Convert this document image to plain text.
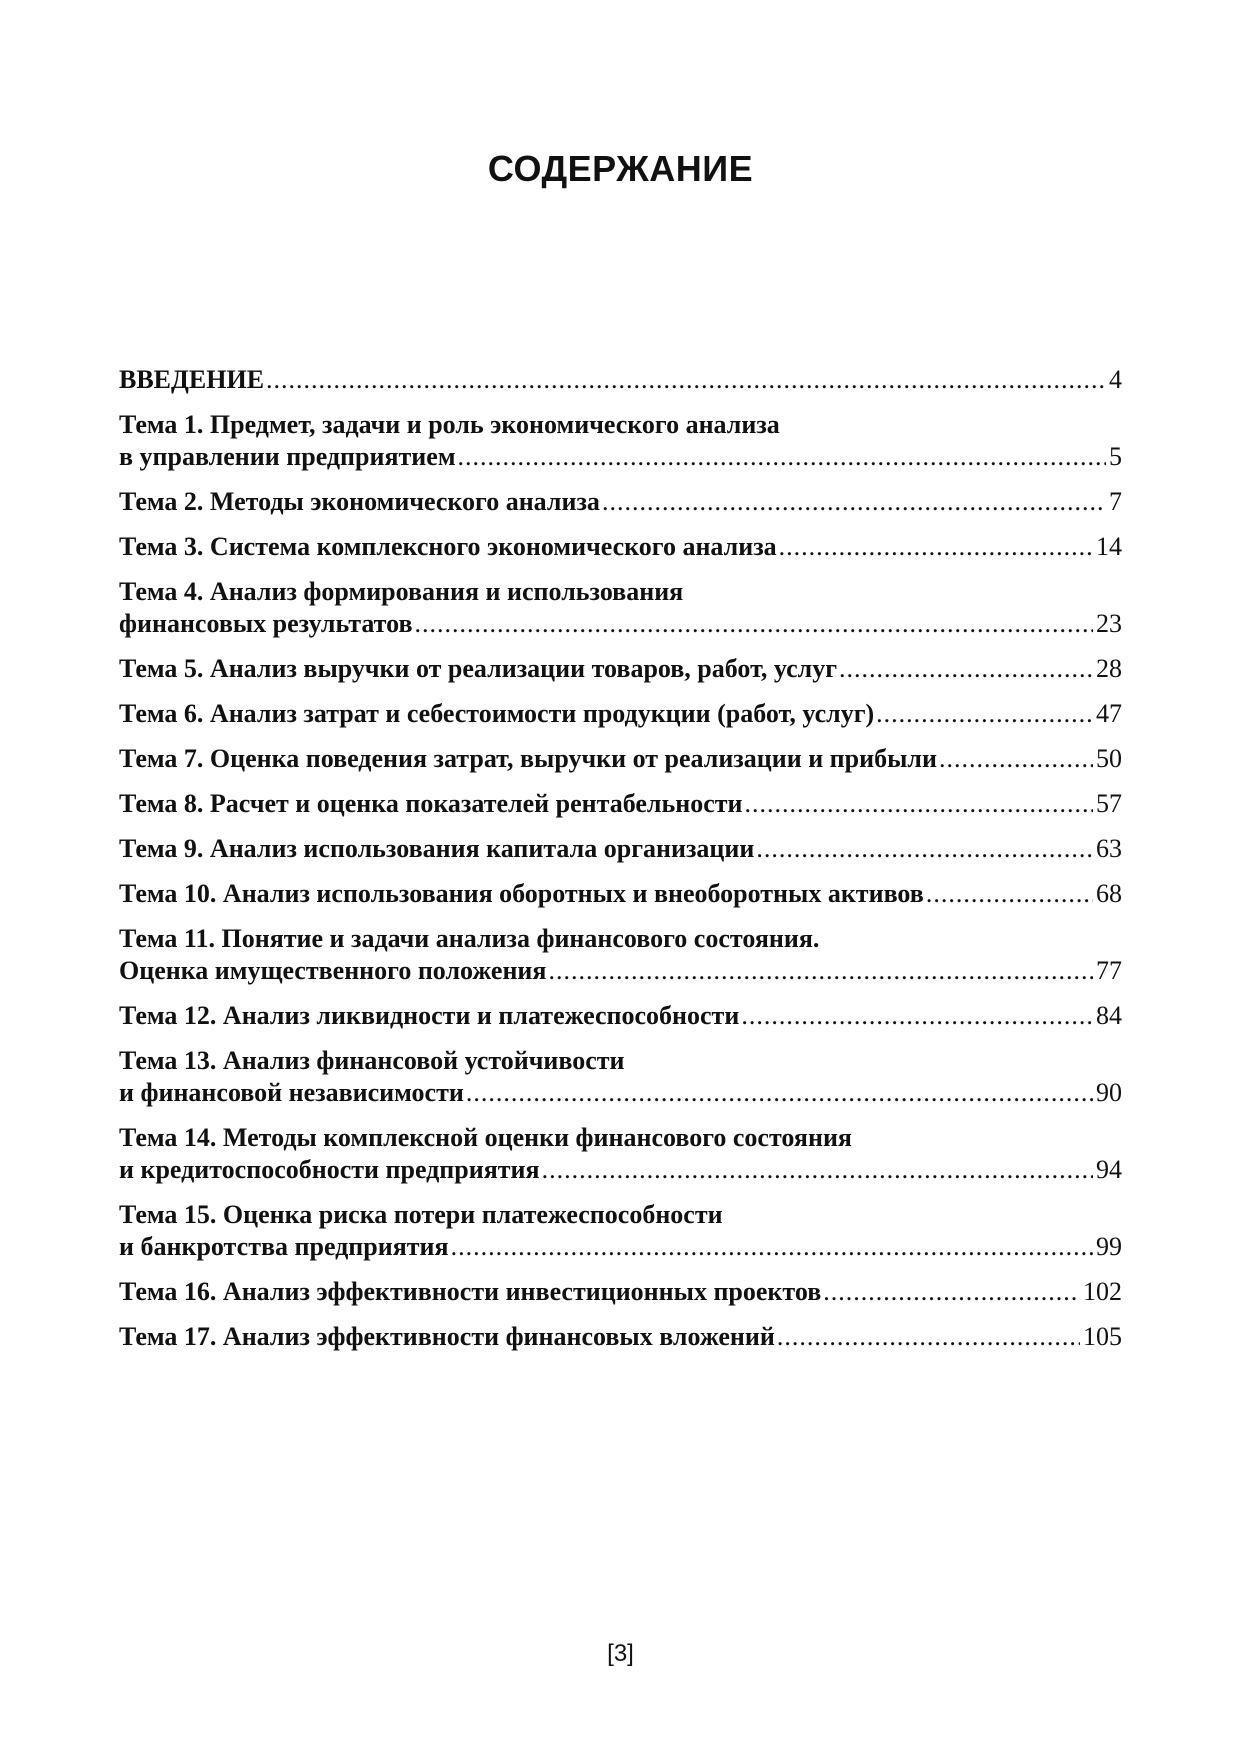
СОДЕРЖАНИЕ
ВВЕДЕНИЕ .....	4
Тема 1. Предмет, задачи и роль экономического анализа
в управлении предприятием .....	5
Тема 2. Методы экономического анализа .....	7
Тема 3. Система комплексного экономического анализа .....	14
Тема 4. Анализ формирования и использования
финансовых результатов .....	23
Тема 5. Анализ выручки от реализации товаров, работ, услуг .....	28
Тема 6. Анализ затрат и себестоимости продукции (работ, услуг) .....	47
Тема 7. Оценка поведения затрат, выручки от реализации и прибыли .....	50
Тема 8. Расчет и оценка показателей рентабельности .....	57
Тема 9. Анализ использования капитала организации .....	63
Тема 10. Анализ использования оборотных и внеоборотных активов .....	68
Тема 11. Понятие и задачи анализа финансового состояния.
Оценка имущественного положения .....	77
Тема 12. Анализ ликвидности и платежеспособности .....	84
Тема 13. Анализ финансовой устойчивости
и финансовой независимости .....	90
Тема 14. Методы комплексной оценки финансового состояния
и кредитоспособности предприятия .....	94
Тема 15. Оценка риска потери платежеспособности
и банкротства предприятия .....	99
Тема 16. Анализ эффективности инвестиционных проектов .....	102
Тема 17. Анализ эффективности финансовых вложений .....	105
[3]
